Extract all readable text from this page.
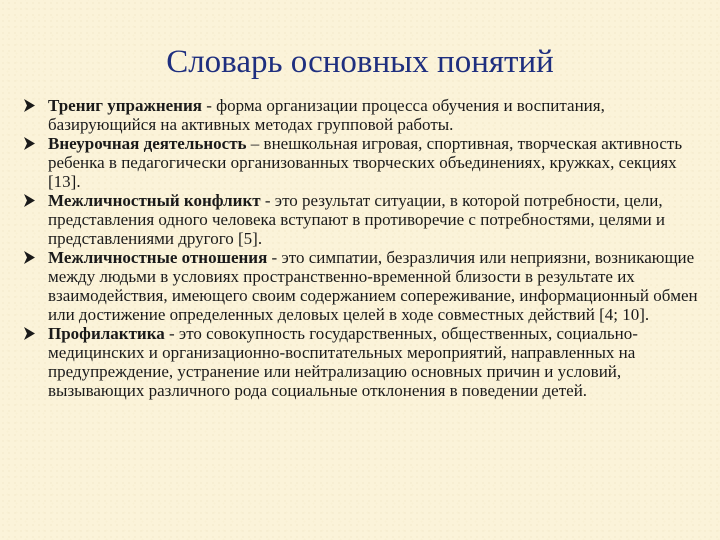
Словарь основных понятий
Трениг упражнения - форма организации процесса обучения и воспитания, базирующийся на активных методах групповой работы.
Внеурочная деятельность – внешкольная игровая, спортивная, творческая активность ребенка в педагогически организованных творческих объединениях, кружках, секциях [13].
Межличностный конфликт - это результат ситуации, в которой потребности, цели, представления одного человека вступают в противоречие с потребностями, целями и представлениями другого [5].
Межличностные отношения - это симпатии, безразличия или неприязни, возникающие между людьми в условиях пространственно-временной близости в результате их взаимодействия, имеющего своим содержанием сопереживание, информационный обмен или достижение определенных деловых целей в ходе совместных действий [4; 10].
Профилактика - это совокупность государственных, общественных, социально-медицинских и организационно-воспитательных мероприятий, направленных на предупреждение, устранение или нейтрализацию основных причин и условий, вызывающих различного рода социальные отклонения в поведении детей.
